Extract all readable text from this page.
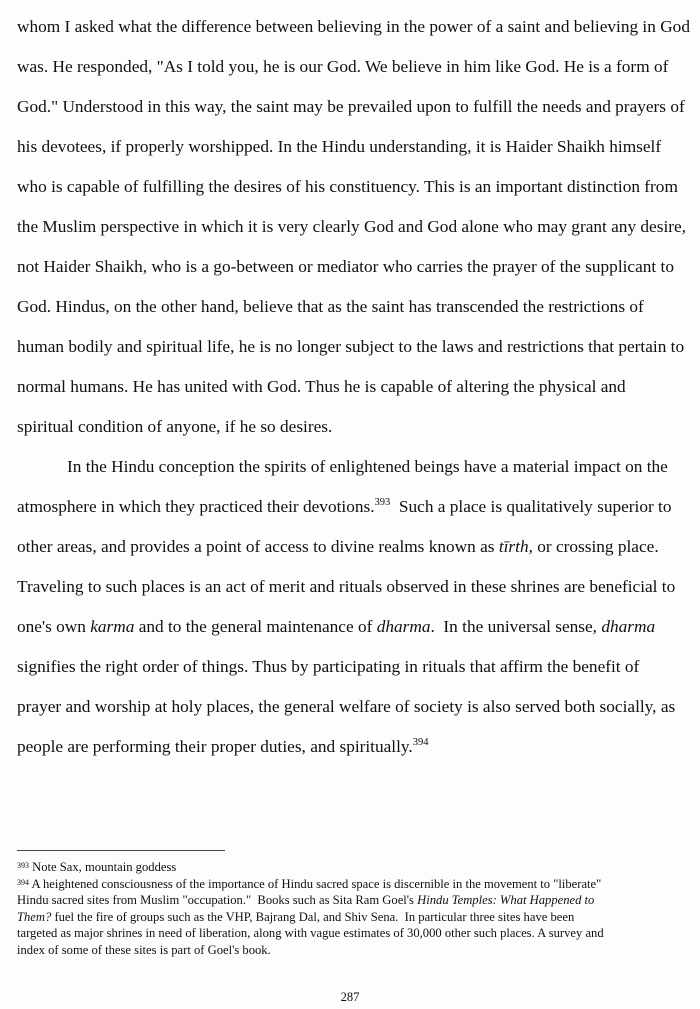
whom I asked what the difference between believing in the power of a saint and believing in God
was. He responded, "As I told you, he is our God. We believe in him like God. He is a form of
God." Understood in this way, the saint may be prevailed upon to fulfill the needs and prayers of
his devotees, if properly worshipped. In the Hindu understanding, it is Haider Shaikh himself
who is capable of fulfilling the desires of his constituency. This is an important distinction from
the Muslim perspective in which it is very clearly God and God alone who may grant any desire,
not Haider Shaikh, who is a go-between or mediator who carries the prayer of the supplicant to
God. Hindus, on the other hand, believe that as the saint has transcended the restrictions of
human bodily and spiritual life, he is no longer subject to the laws and restrictions that pertain to
normal humans. He has united with God. Thus he is capable of altering the physical and
spiritual condition of anyone, if he so desires.
In the Hindu conception the spirits of enlightened beings have a material impact on the
atmosphere in which they practiced their devotions.$^{393}$  Such a place is qualitatively superior to
other areas, and provides a point of access to divine realms known as tīrth, or crossing place.
Traveling to such places is an act of merit and rituals observed in these shrines are beneficial to
one's own karma and to the general maintenance of dharma.  In the universal sense, dharma
signifies the right order of things. Thus by participating in rituals that affirm the benefit of
prayer and worship at holy places, the general welfare of society is also served both socially, as
people are performing their proper duties, and spiritually.$^{394}$
$^{393}$ Note Sax, mountain goddess
$^{394}$ A heightened consciousness of the importance of Hindu sacred space is discernible in the movement to "liberate"
Hindu sacred sites from Muslim "occupation."  Books such as Sita Ram Goel's Hindu Temples: What Happened to
Them? fuel the fire of groups such as the VHP, Bajrang Dal, and Shiv Sena.  In particular three sites have been
targeted as major shrines in need of liberation, along with vague estimates of 30,000 other such places. A survey and
index of some of these sites is part of Goel's book.
287
